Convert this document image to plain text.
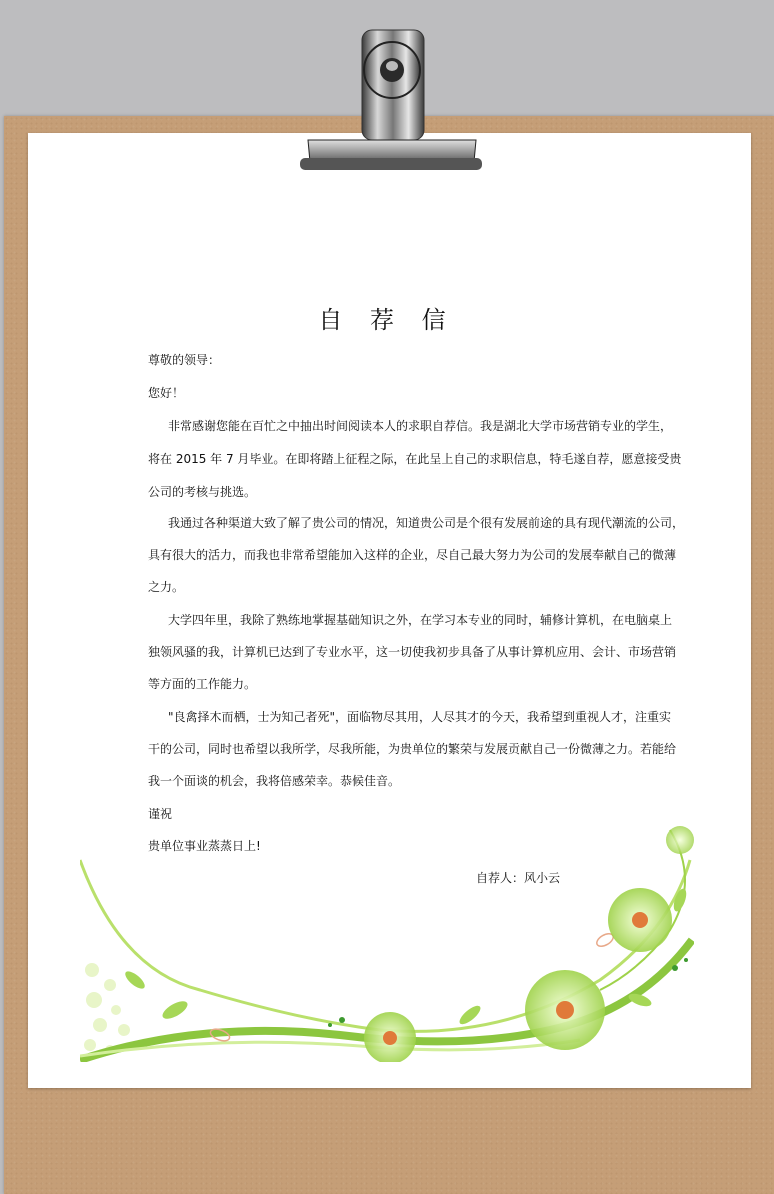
自 荐 信
尊敬的领导：
您好！
非常感谢您能在百忙之中抽出时间阅读本人的求职自荐信。我是湖北大学市场营销专业的学生，
将在 2015 年 7 月毕业。在即将踏上征程之际，在此呈上自己的求职信息，特毛遂自荐，愿意接受贵
公司的考核与挑选。
我通过各种渠道大致了解了贵公司的情况，知道贵公司是个很有发展前途的具有现代潮流的公司，
具有很大的活力，而我也非常希望能加入这样的企业，尽自己最大努力为公司的发展奉献自己的微薄
之力。
大学四年里，我除了熟练地掌握基础知识之外，在学习本专业的同时，辅修计算机，在电脑桌上
独领风骚的我，计算机已达到了专业水平，这一切使我初步具备了从事计算机应用、会计、市场营销
等方面的工作能力。
"良禽择木而栖，士为知己者死"，面临物尽其用，人尽其才的今天，我希望到重视人才，注重实
干的公司，同时也希望以我所学，尽我所能，为贵单位的繁荣与发展贡献自己一份微薄之力。若能给
我一个面谈的机会，我将倍感荣幸。恭候佳音。
谨祝
贵单位事业蒸蒸日上!
自荐人：风小云
